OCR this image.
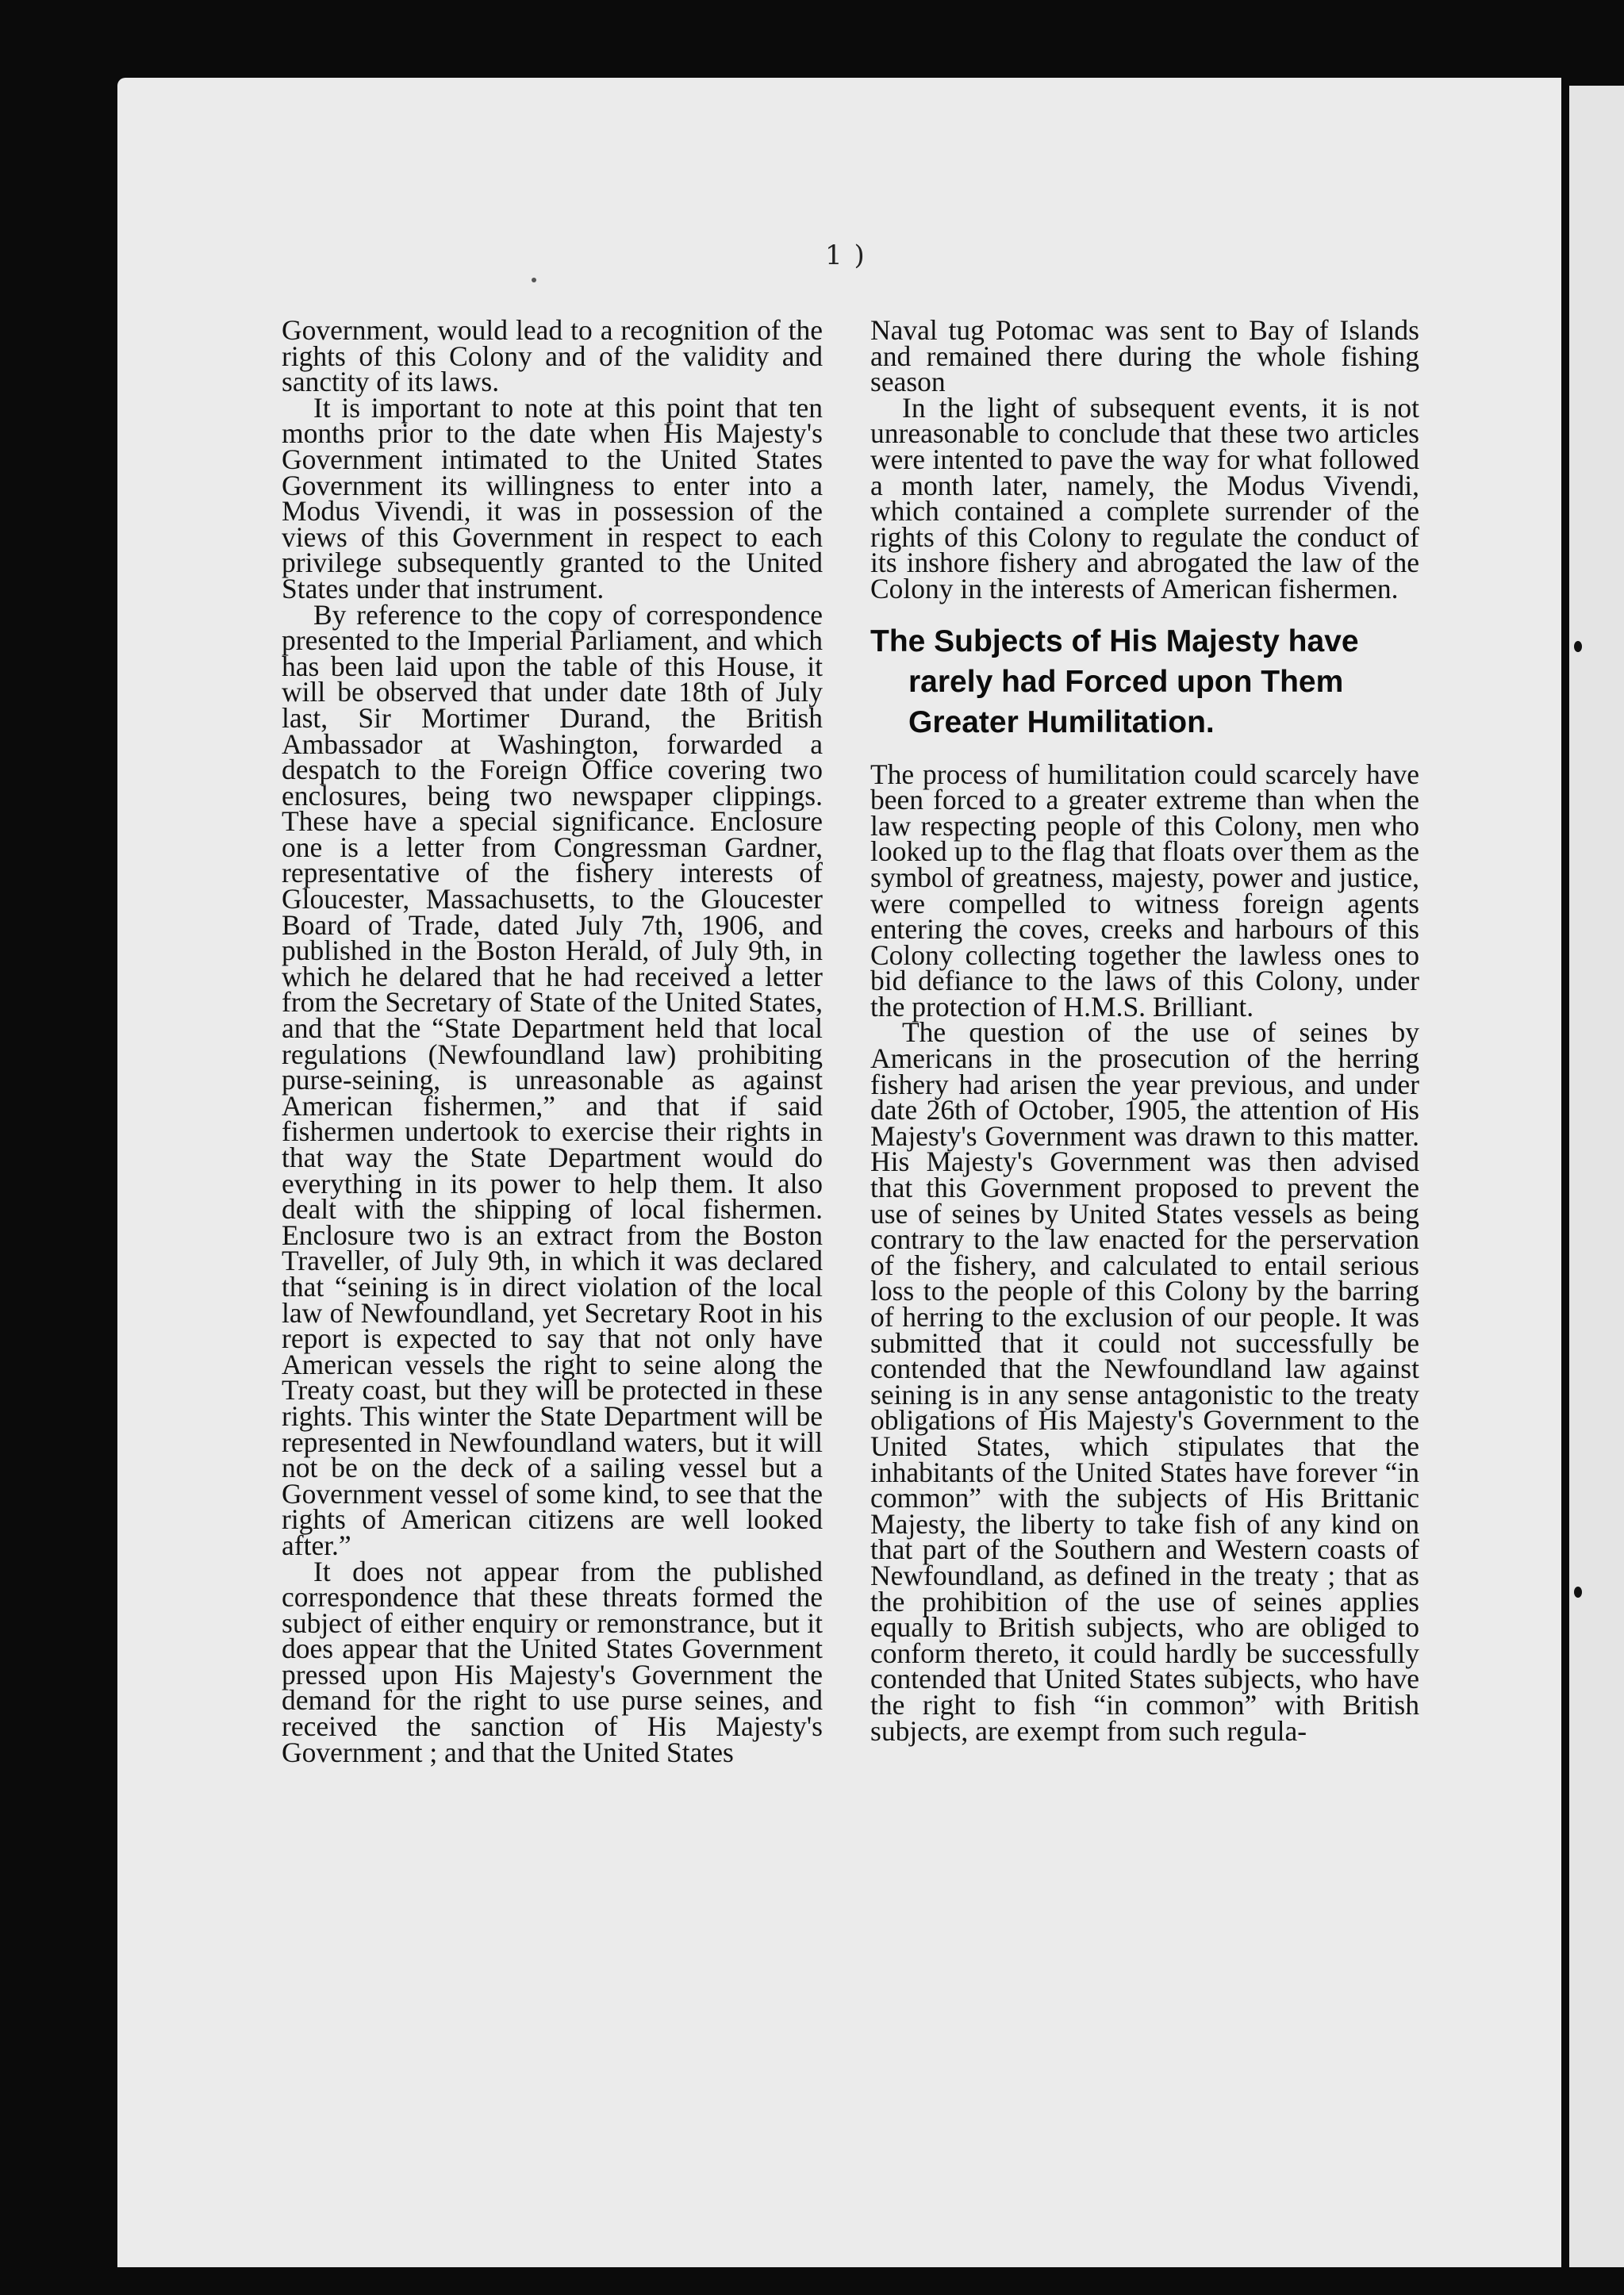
1 )

Government, would lead to a recognition of the rights of this Colony and of the validity and sanctity of its laws.

It is important to note at this point that ten months prior to the date when His Majesty's Government intimated to the United States Government its willingness to enter into a Modus Vivendi, it was in possession of the views of this Government in respect to each privilege subsequently granted to the United States under that instrument.

By reference to the copy of correspondence presented to the Imperial Parliament, and which has been laid upon the table of this House, it will be observed that under date 18th of July last, Sir Mortimer Durand, the British Ambassador at Washington, forwarded a despatch to the Foreign Office covering two enclosures, being two newspaper clippings. These have a special significance. Enclosure one is a letter from Congressman Gardner, representative of the fishery interests of Gloucester, Massachusetts, to the Gloucester Board of Trade, dated July 7th, 1906, and published in the Boston Herald, of July 9th, in which he delared that he had received a letter from the Secretary of State of the United States, and that the “State Department held that local regulations (Newfoundland law) prohibiting purse-seining, is unreasonable as against American fishermen,” and that if said fishermen undertook to exercise their rights in that way the State Department would do everything in its power to help them. It also dealt with the shipping of local fishermen. Enclosure two is an extract from the Boston Traveller, of July 9th, in which it was declared that “seining is in direct violation of the local law of Newfoundland, yet Secretary Root in his report is expected to say that not only have American vessels the right to seine along the Treaty coast, but they will be protected in these rights. This winter the State Department will be represented in Newfoundland waters, but it will not be on the deck of a sailing vessel but a Government vessel of some kind, to see that the rights of American citizens are well looked after.”

It does not appear from the published correspondence that these threats formed the subject of either enquiry or remonstrance, but it does appear that the United States Government pressed upon His Majesty's Government the demand for the right to use purse seines, and received the sanction of His Majesty's Government ; and that the United States

Naval tug Potomac was sent to Bay of Islands and remained there during the whole fishing season

In the light of subsequent events, it is not unreasonable to conclude that these two articles were intented to pave the way for what followed a month later, namely, the Modus Vivendi, which contained a complete surrender of the rights of this Colony to regulate the conduct of its inshore fishery and abrogated the law of the Colony in the interests of American fishermen.

The Subjects of His Majesty have rarely had Forced upon Them Greater Humilitation.

The process of humilitation could scarcely have been forced to a greater extreme than when the law respecting people of this Colony, men who looked up to the flag that floats over them as the symbol of greatness, majesty, power and justice, were compelled to witness foreign agents entering the coves, creeks and harbours of this Colony collecting together the lawless ones to bid defiance to the laws of this Colony, under the protection of H.M.S. Brilliant.

The question of the use of seines by Americans in the prosecution of the herring fishery had arisen the year previous, and under date 26th of October, 1905, the attention of His Majesty's Government was drawn to this matter. His Majesty's Government was then advised that this Government proposed to prevent the use of seines by United States vessels as being contrary to the law enacted for the perservation of the fishery, and calculated to entail serious loss to the people of this Colony by the barring of herring to the exclusion of our people. It was submitted that it could not successfully be contended that the Newfoundland law against seining is in any sense antagonistic to the treaty obligations of His Majesty's Government to the United States, which stipulates that the inhabitants of the United States have forever “in common” with the subjects of His Brittanic Majesty, the liberty to take fish of any kind on that part of the Southern and Western coasts of Newfoundland, as defined in the treaty ; that as the prohibition of the use of seines applies equally to British subjects, who are obliged to conform thereto, it could hardly be successfully contended that United States subjects, who have the right to fish “in common” with British subjects, are exempt from such regula-
